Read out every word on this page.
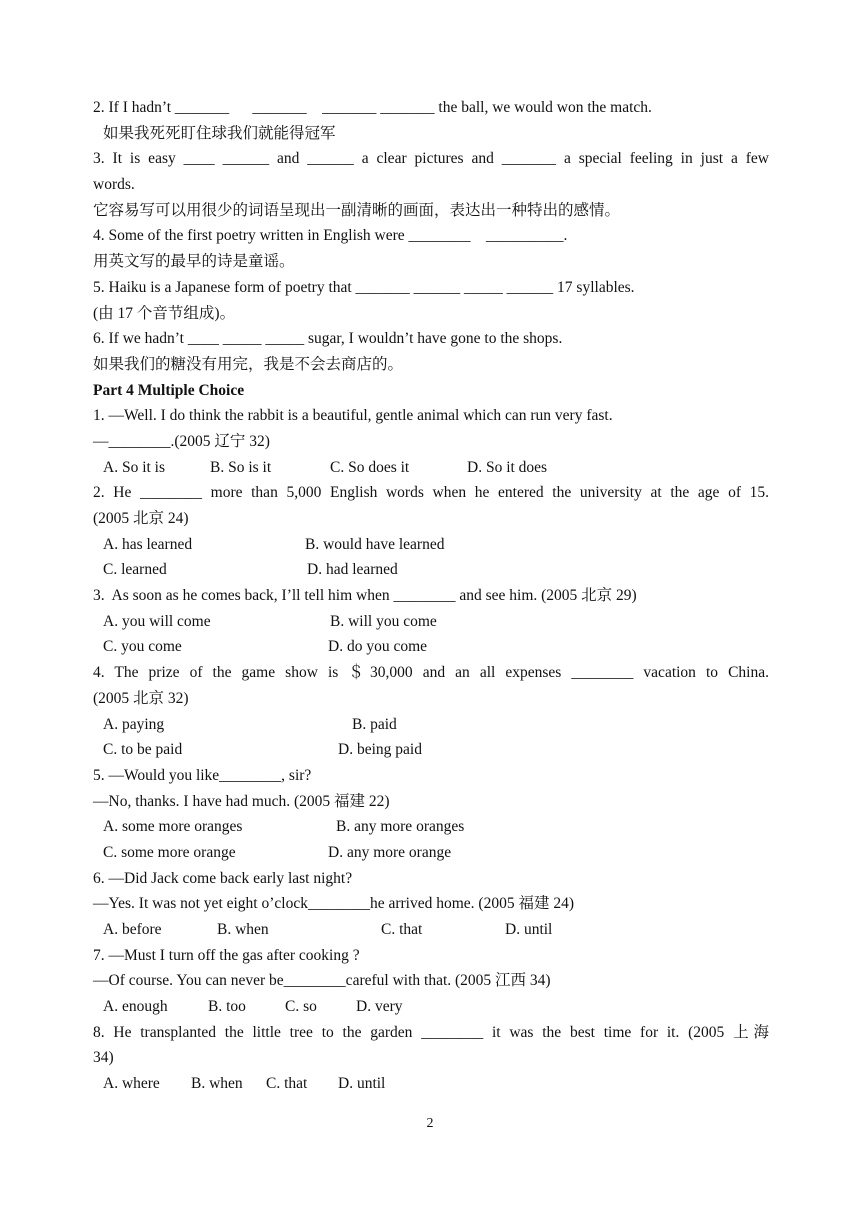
2. If I hadn’t _______      _______    _______ _______ the ball, we would won the match.
如果我死死盯住球我们就能得冠军
3. It is easy ____ ______ and ______ a clear pictures and _______ a special feeling in just a few
words.
它容易写可以用很少的词语呈现出一副清晰的画面，表达出一种特出的感情。
4. Some of the first poetry written in English were ________    __________.
用英文写的最早的诗是童谣。
5. Haiku is a Japanese form of poetry that _______ ______ _____ ______ 17 syllables.
(由 17 个音节组成)。
6. If we hadn’t ____ _____ _____ sugar, I wouldn’t have gone to the shops.
如果我们的糖没有用完，我是不会去商店的。
Part 4 Multiple Choice
1. —Well. I do think the rabbit is a beautiful, gentle animal which can run very fast.
—________.(2005 辽宁 32)

A. So it is

	B. So is it

	C. So does it

	D. So it does

2. He ________ more than 5,000 English words when he entered the university at the age of 15.
(2005 北京 24)

A. has learned

	B. would have learned

C. learned

	D. had learned

3.  As soon as he comes back, I’ll tell him when ________ and see him. (2005 北京 29)

A. you will come

	B. will you come

C. you come

	D. do you come

4. The prize of the game show is ＄30,000 and an all expenses ________ vacation to China.
(2005 北京 32)

A. paying

	B. paid

C. to be paid

	D. being paid

5. —Would you like________, sir?
—No, thanks. I have had much. (2005 福建 22)

A. some more oranges

	B. any more oranges

C. some more orange

	D. any more orange

6. —Did Jack come back early last night?
—Yes. It was not yet eight o’clock________he arrived home. (2005 福建 24)

A. before

	B. when

	C. that

	D. until

7. —Must I turn off the gas after cooking ?
—Of course. You can never be________careful with that. (2005 江西 34)

A. enough

	B. too

	C. so

	D. very

8. He transplanted the little tree to the garden ________ it was the best time for it. (2005 上海
34)

A. where

B. when

C. that

D. until

2
